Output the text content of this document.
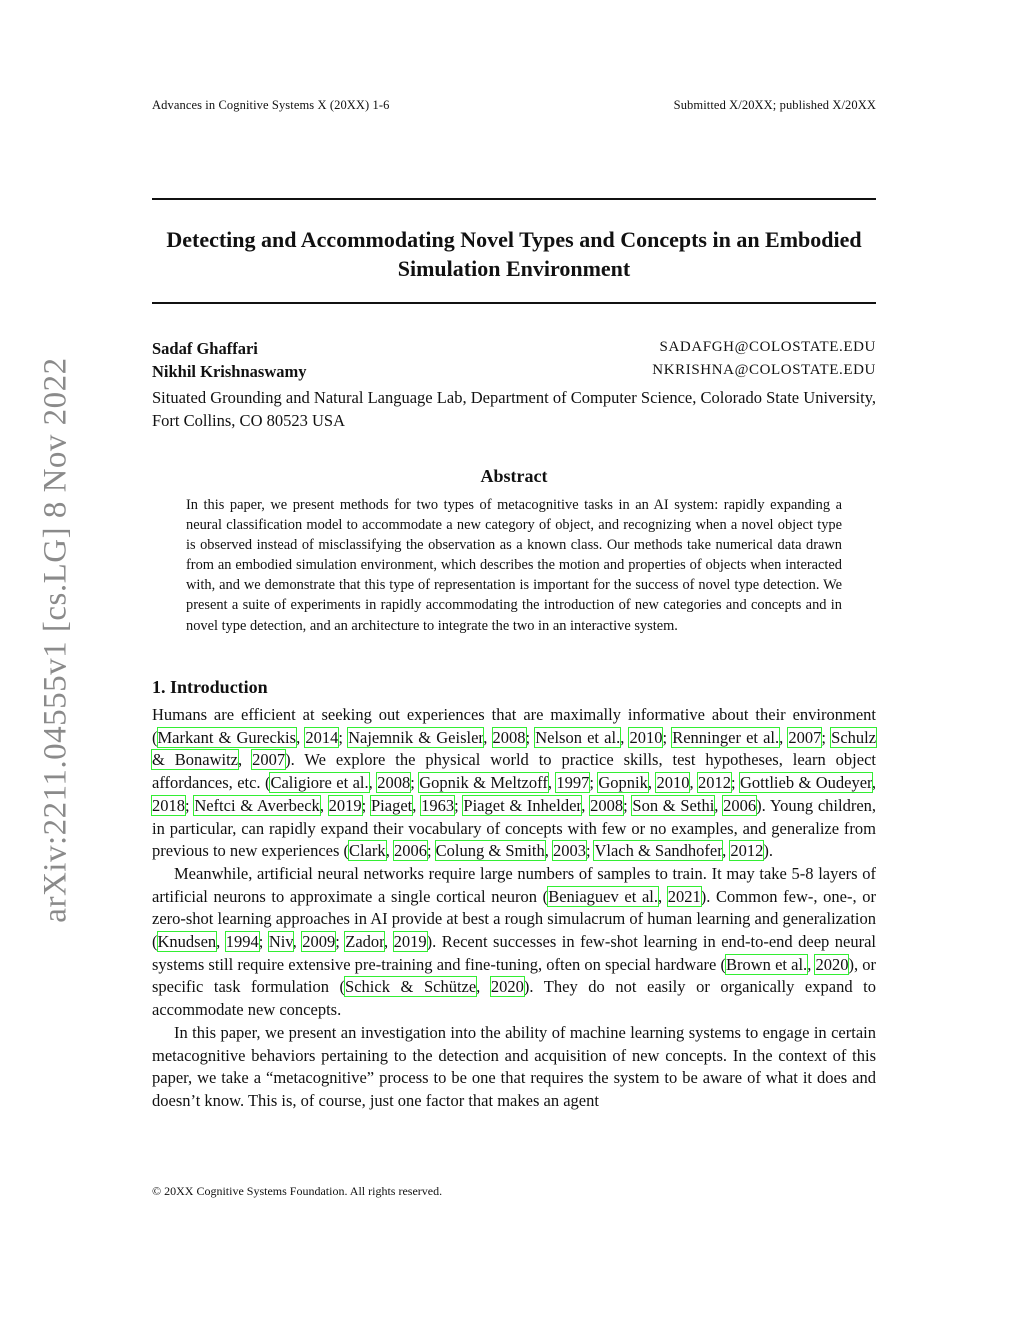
Advances in Cognitive Systems X (20XX) 1-6	Submitted X/20XX; published X/20XX
arXiv:2211.04555v1 [cs.LG] 8 Nov 2022
Detecting and Accommodating Novel Types and Concepts in an Embodied Simulation Environment
Sadaf Ghaffari	SADAFGH@COLOSTATE.EDU
Nikhil Krishnaswamy	NKRISHNA@COLOSTATE.EDU
Situated Grounding and Natural Language Lab, Department of Computer Science, Colorado State University, Fort Collins, CO 80523 USA
Abstract
In this paper, we present methods for two types of metacognitive tasks in an AI system: rapidly expanding a neural classification model to accommodate a new category of object, and recognizing when a novel object type is observed instead of misclassifying the observation as a known class. Our methods take numerical data drawn from an embodied simulation environment, which describes the motion and properties of objects when interacted with, and we demonstrate that this type of representation is important for the success of novel type detection. We present a suite of experiments in rapidly accommodating the introduction of new categories and concepts and in novel type detection, and an architecture to integrate the two in an interactive system.
1. Introduction

Humans are efficient at seeking out experiences that are maximally informative about their environment (Markant & Gureckis, 2014; Najemnik & Geisler, 2008; Nelson et al., 2010; Renninger et al., 2007; Schulz & Bonawitz, 2007). We explore the physical world to practice skills, test hypotheses, learn object affordances, etc. (Caligiore et al., 2008; Gopnik & Meltzoff, 1997; Gopnik, 2010, 2012; Gottlieb & Oudeyer, 2018; Neftci & Averbeck, 2019; Piaget, 1963; Piaget & Inhelder, 2008; Son & Sethi, 2006). Young children, in particular, can rapidly expand their vocabulary of concepts with few or no examples, and generalize from previous to new experiences (Clark, 2006; Colung & Smith, 2003; Vlach & Sandhofer, 2012).

Meanwhile, artificial neural networks require large numbers of samples to train. It may take 5-8 layers of artificial neurons to approximate a single cortical neuron (Beniaguev et al., 2021). Common few-, one-, or zero-shot learning approaches in AI provide at best a rough simulacrum of human learning and generalization (Knudsen, 1994; Niv, 2009; Zador, 2019). Recent successes in few-shot learning in end-to-end deep neural systems still require extensive pre-training and fine-tuning, often on special hardware (Brown et al., 2020), or specific task formulation (Schick & Schütze, 2020). They do not easily or organically expand to accommodate new concepts.

In this paper, we present an investigation into the ability of machine learning systems to engage in certain metacognitive behaviors pertaining to the detection and acquisition of new concepts. In the context of this paper, we take a “metacognitive” process to be one that requires the system to be aware of what it does and doesn’t know. This is, of course, just one factor that makes an agent

© 20XX Cognitive Systems Foundation. All rights reserved.
